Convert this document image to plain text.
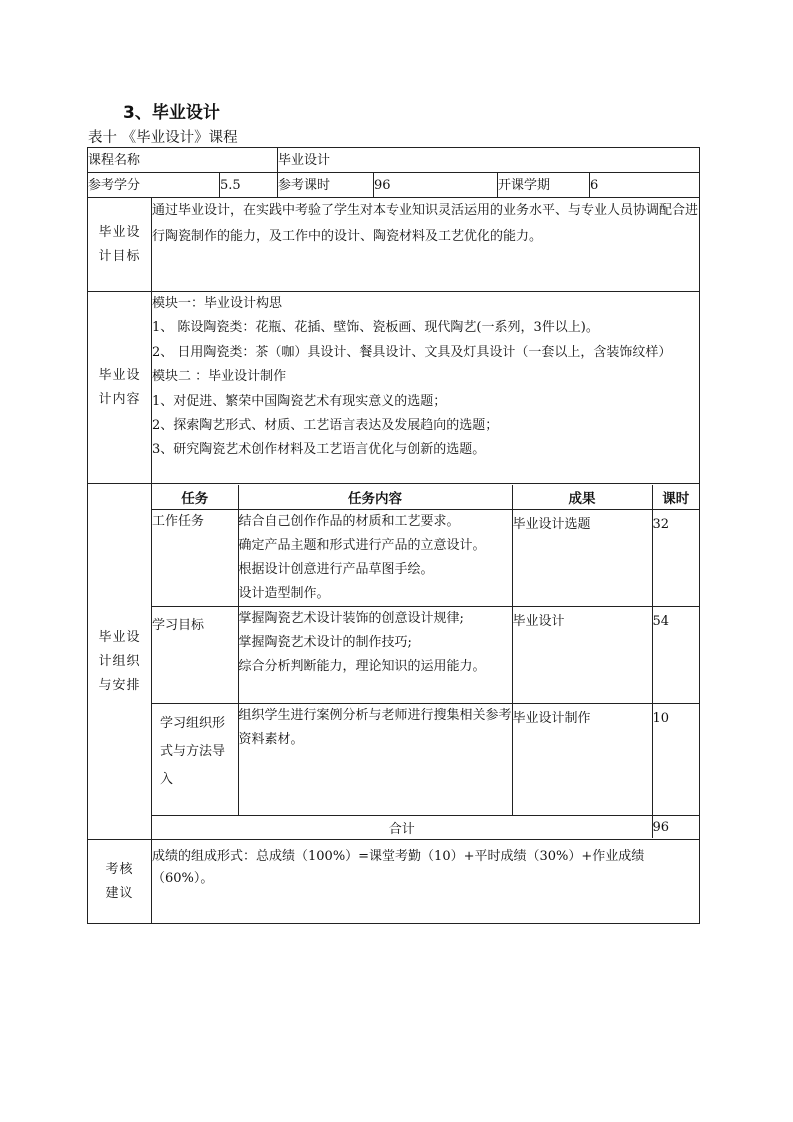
3、毕业设计
表十 《毕业设计》课程
课程名称	毕业设计
参考学分	5.5	参考课时	96	开课学期	6

毕业设
计目标
	通过毕业设计，在实践中考验了学生对本专业知识灵活运用的业务水平、与专业人员协调配合进行陶瓷制作的能力，及工作中的设计、陶瓷材料及工艺优化的能力。

毕业设
计内容

模块一：毕业设计构思
1、 陈设陶瓷类：花瓶、花插、壁饰、瓷板画、现代陶艺(一系列，3件以上)。
2、 日用陶瓷类：茶（咖）具设计、餐具设计、文具及灯具设计（一套以上，含装饰纹样）
模块二 ：毕业设计制作
1、对促进、繁荣中国陶瓷艺术有现实意义的选题；
2、探索陶艺形式、材质、工艺语言表达及发展趋向的选题；
3、研究陶瓷艺术创作材料及工艺语言优化与创新的选题。

毕业设
计组织
与安排

任务	任务内容	成果	课时
工作任务	结合自己创作作品的材质和工艺要求。
确定产品主题和形式进行产品的立意设计。
根据设计创意进行产品草图手绘。
设计造型制作。
	毕业设计选题	32
学习目标	掌握陶瓷艺术设计装饰的创意设计规律;
掌握陶瓷艺术设计的制作技巧;
综合分析判断能力，理论知识的运用能力。
	毕业设计	54
学习组织形式与方法导入	
组织学生进行案例分析与老师进行搜集相关参考资料素材。
	毕业设计制作	10
合计	96

考核
建议
	成绩的组成形式：总成绩（100%）=课堂考勤（10）+平时成绩（30%）+作业成绩（60%）。
